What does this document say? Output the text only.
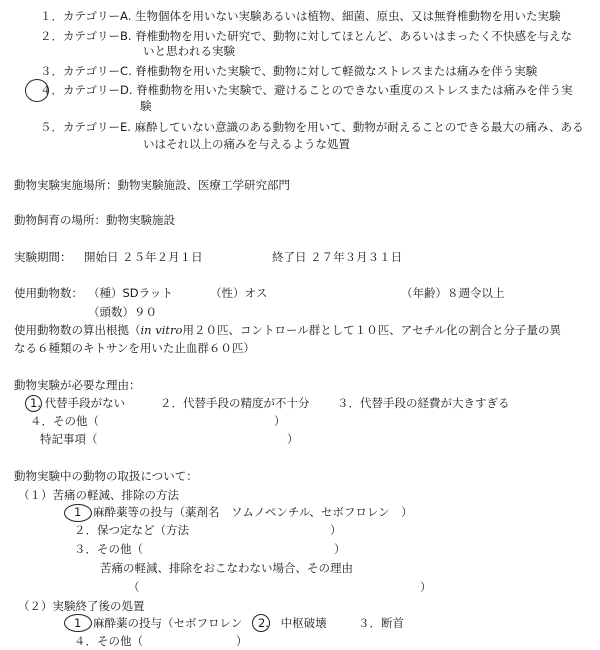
１．カテゴリーA. 生物個体を用いない実験あるいは植物、細菌、原虫、又は無脊椎動物を用いた実験
２．カテゴリーB. 脊椎動物を用いた研究で、動物に対してほとんど、あるいはまったく不快感を与えな
いと思われる実験
３．カテゴリーC. 脊椎動物を用いた実験で、動物に対して軽微なストレスまたは痛みを伴う実験
４．カテゴリーD. 脊椎動物を用いた実験で、避けることのできない重度のストレスまたは痛みを伴う実
験
５．カテゴリーE. 麻酔していない意識のある動物を用いて、動物が耐えることのできる最大の痛み、ある
いはそれ以上の痛みを与えるような処置
動物実験実施場所：動物実験施設、医療工学研究部門
動物飼育の場所：動物実験施設
実験期間： 開始日 ２５年２月１日	終了日 ２７年３月３１日
使用動物数： （種）SDラット	（性）オス	（年齢）８週令以上
（頭数）９０
使用動物数の算出根拠（in vitro用２０匹、コントロール群として１０匹、アセチル化の割合と分子量の異
なる６種類のキトサンを用いた止血群６０匹）
動物実験が必要な理由：
1. 代替手段がない	２．代替手段の精度が不十分 ３．代替手段の経費が大きすぎる
４．その他（	）
特記事項（	）
動物実験中の動物の取扱について：
（１）苦痛の軽減、排除の方法
1 麻酔薬等の投与（薬剤名　ソムノペンチル、セボフロレン　）
２．保つ定など（方法	）
３．その他（	）
苦痛の軽減、排除をおこなわない場合、その理由
（	）
（２）実験終了後の処置
1 麻酔薬の投与（セボフロレン 2. 中枢破壊	３．断首
４．その他（	）
